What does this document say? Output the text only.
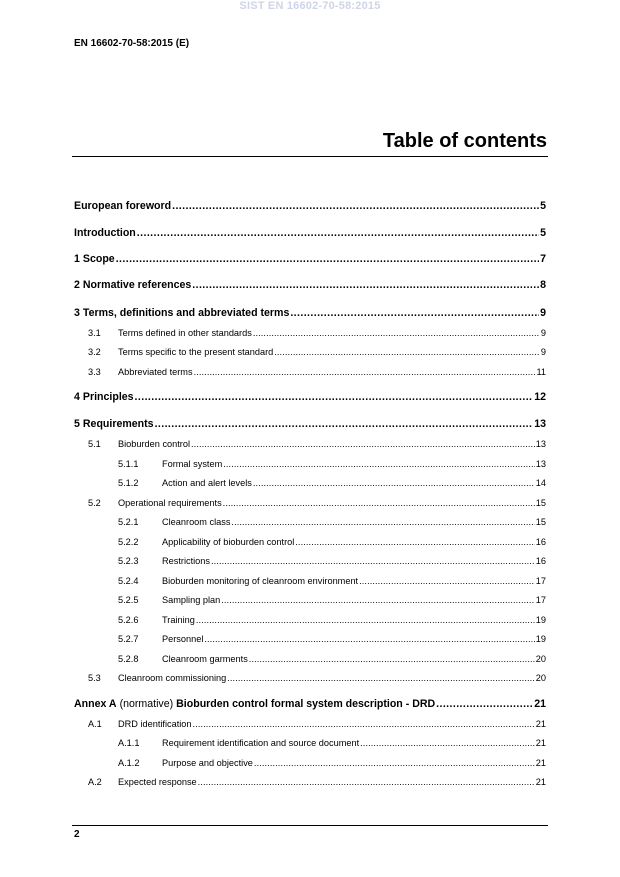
SIST EN 16602-70-58:2015
EN 16602-70-58:2015 (E)
Table of contents
European foreword .....	5
Introduction .....	5
1 Scope .....	7
2 Normative references .....	8
3 Terms, definitions and abbreviated terms .....	9
3.1	Terms defined in other standards .....	9
3.2	Terms specific to the present standard .....	9
3.3	Abbreviated terms .....	11
4 Principles .....	12
5 Requirements .....	13
5.1	Bioburden control .....	13
5.1.1	Formal system .....	13
5.1.2	Action and alert levels .....	14
5.2	Operational requirements .....	15
5.2.1	Cleanroom class .....	15
5.2.2	Applicability of bioburden control .....	16
5.2.3	Restrictions .....	16
5.2.4	Bioburden monitoring of cleanroom environment .....	17
5.2.5	Sampling plan .....	17
5.2.6	Training .....	19
5.2.7	Personnel .....	19
5.2.8	Cleanroom garments .....	20
5.3	Cleanroom commissioning .....	20
Annex A (normative) Bioburden control formal system description - DRD .....	21
A.1	DRD identification .....	21
A.1.1	Requirement identification and source document .....	21
A.1.2	Purpose and objective .....	21
A.2	Expected response .....	21
2
